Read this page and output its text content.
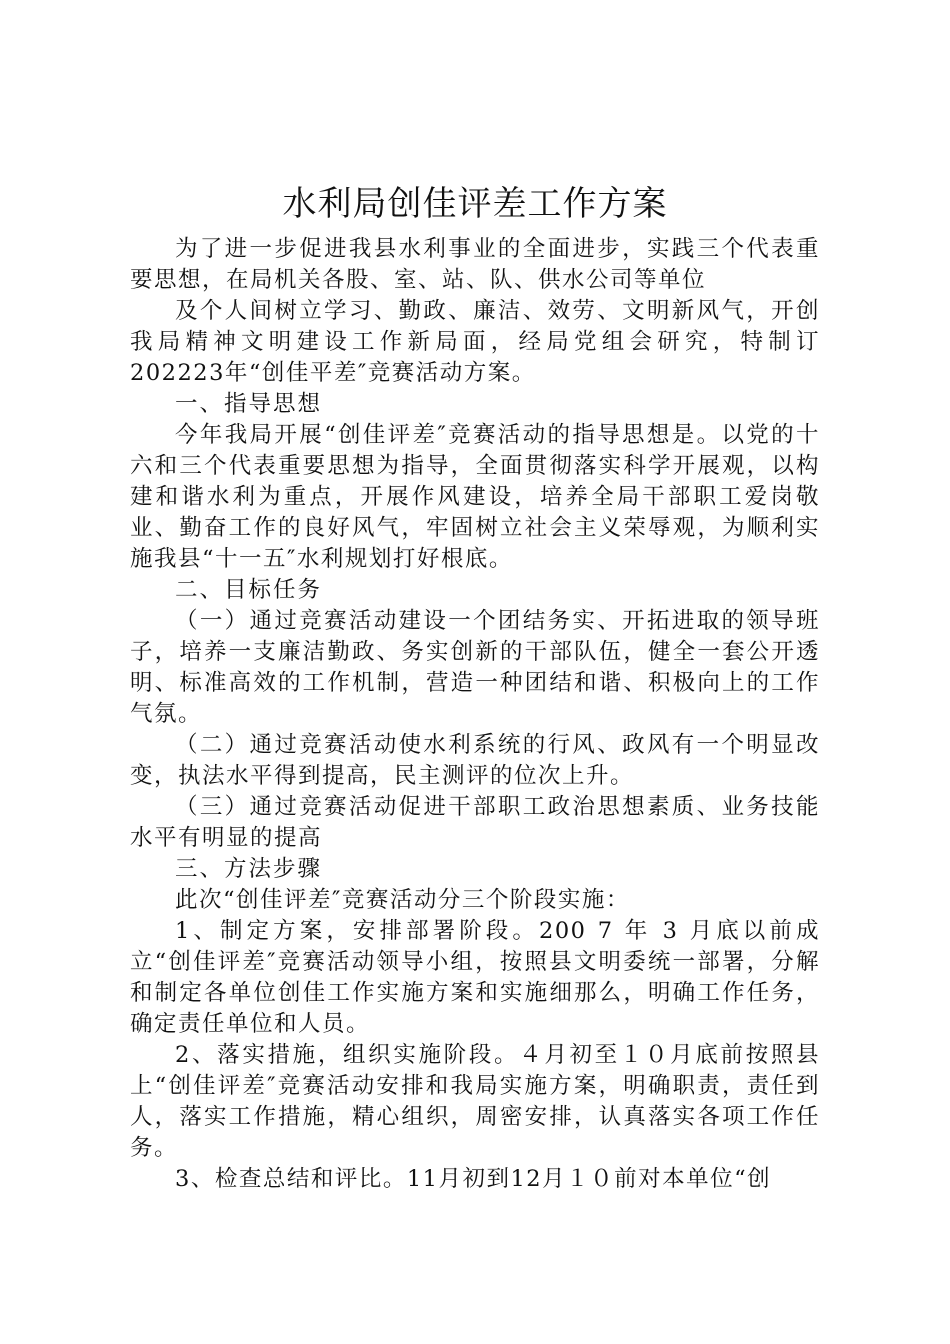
水利局创佳评差工作方案

为了进一步促进我县水利事业的全面进步，实践三个代表重要思想，在局机关各股、室、站、队、供水公司等单位

及个人间树立学习、勤政、廉洁、效劳、文明新风气，开创我局精神文明建设工作新局面，经局党组会研究，特制订202223年“创佳平差″竞赛活动方案。

一、指导思想

今年我局开展“创佳评差″竞赛活动的指导思想是。以党的十六和三个代表重要思想为指导，全面贯彻落实科学开展观，以构建和谐水利为重点，开展作风建设，培养全局干部职工爱岗敬业、勤奋工作的良好风气，牢固树立社会主义荣辱观，为顺利实施我县“十一五″水利规划打好根底。

二、目标任务

（一）通过竞赛活动建设一个团结务实、开拓进取的领导班子，培养一支廉洁勤政、务实创新的干部队伍，健全一套公开透明、标准高效的工作机制，营造一种团结和谐、积极向上的工作气氛。

（二）通过竞赛活动使水利系统的行风、政风有一个明显改变，执法水平得到提高，民主测评的位次上升。

（三）通过竞赛活动促进干部职工政治思想素质、业务技能水平有明显的提高

三、方法步骤

此次“创佳评差″竞赛活动分三个阶段实施：

1、制定方案，安排部署阶段。200 7 年 3 月底以前成立“创佳评差″竞赛活动领导小组，按照县文明委统一部署，分解和制定各单位创佳工作实施方案和实施细那么，明确工作任务，确定责任单位和人员。

2、落实措施，组织实施阶段。４月初至１０月底前按照县上“创佳评差″竞赛活动安排和我局实施方案，明确职责，责任到人，落实工作措施，精心组织，周密安排，认真落实各项工作任务。

3、检查总结和评比。11月初到12月１０前对本单位“创
